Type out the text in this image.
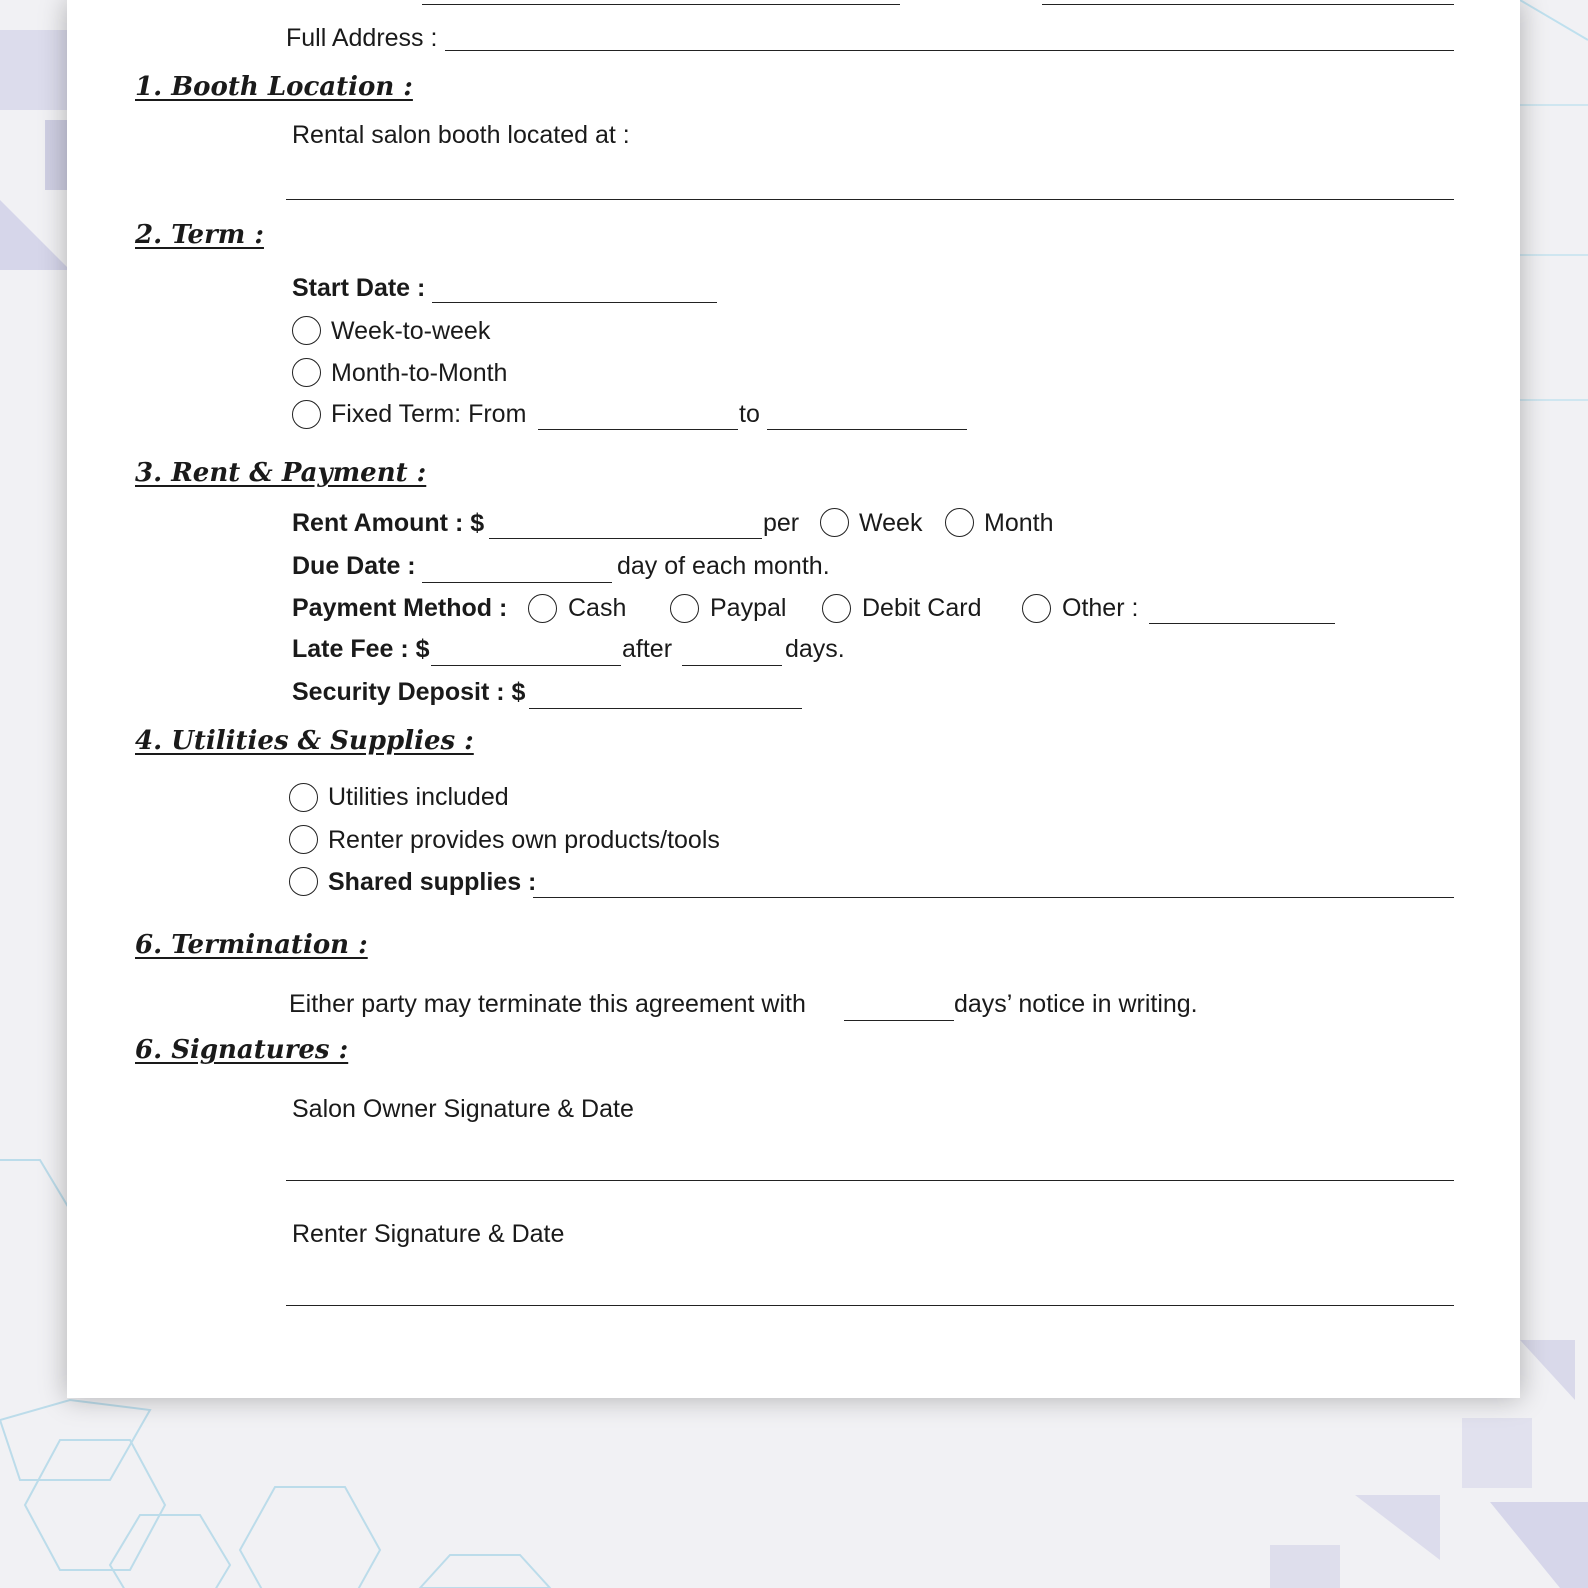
Full Address :
1. Booth Location :
Rental salon booth located at :
2. Term :
Start Date :
Week-to-week
Month-to-Month
Fixed Term: From	to
3. Rent & Payment :
Rent Amount : $	per Week Month
Due Date :	day of each month.
Payment Method : Cash	Paypal	Debit Card	Other :
Late Fee : $	after	days.
Security Deposit : $
4. Utilities & Supplies :
Utilities included
Renter provides own products/tools
Shared supplies :
6. Termination :
Either party may terminate this agreement with	days’ notice in writing.
6. Signatures :
Salon Owner Signature & Date
Renter Signature & Date
